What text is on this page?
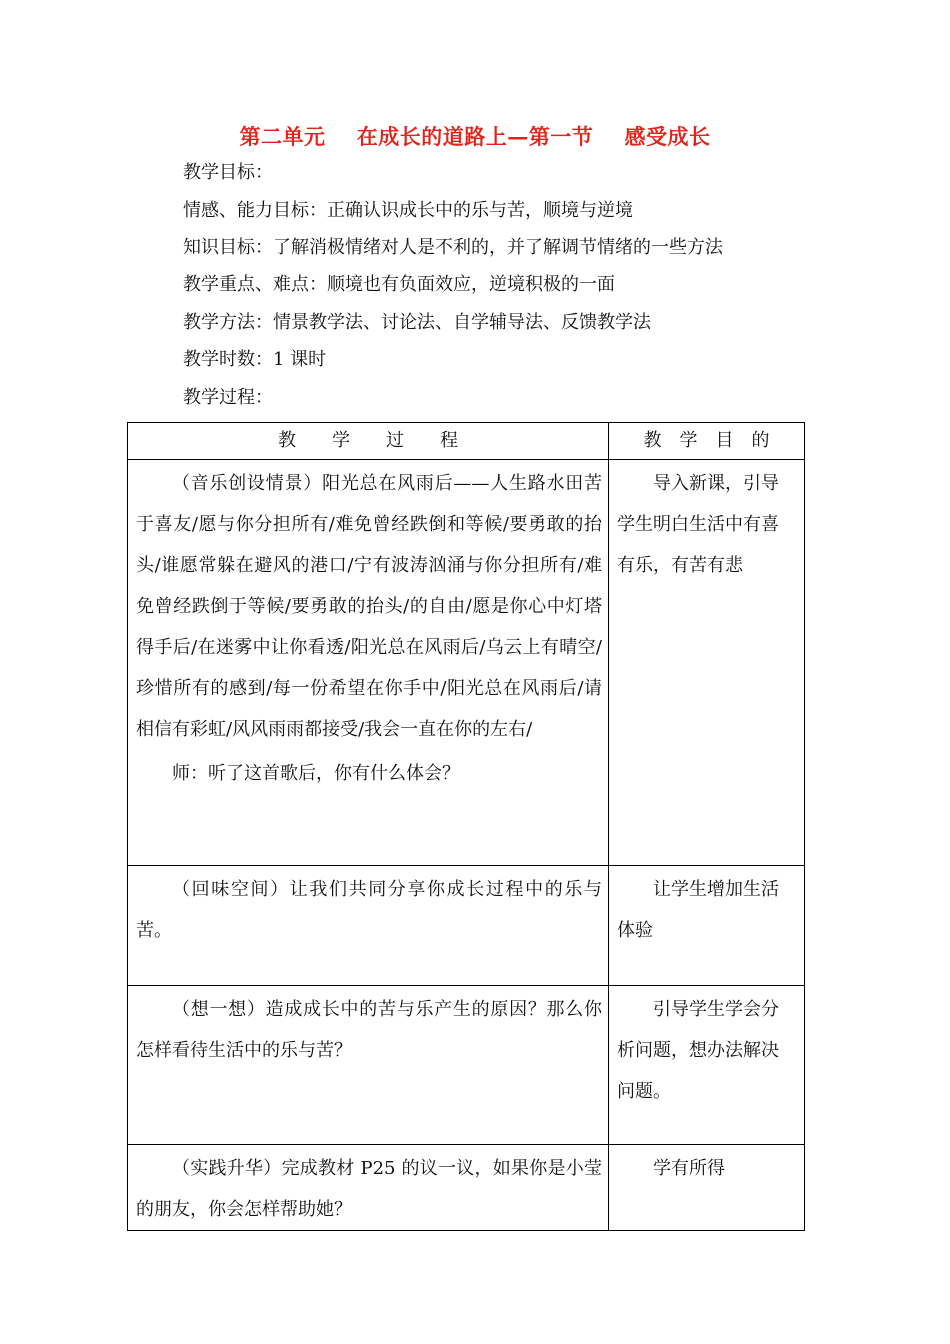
第二单元    在成长的道路上—第一节    感受成长
教学目标：
情感、能力目标：正确认识成长中的乐与苦，顺境与逆境
知识目标：了解消极情绪对人是不利的，并了解调节情绪的一些方法
教学重点、难点：顺境也有负面效应，逆境积极的一面
教学方法：情景教学法、讨论法、自学辅导法、反馈教学法
教学时数：1 课时
教学过程：
教　　学　　过　　程	教　学　目　的

（音乐创设情景）阳光总在风雨后——人生路水田苦于喜友/愿与你分担所有/难免曾经跌倒和等候/要勇敢的抬头/谁愿常躲在避风的港口/宁有波涛汹涌与你分担所有/难免曾经跌倒于等候/要勇敢的抬头/的自由/愿是你心中灯塔得手后/在迷雾中让你看透/阳光总在风雨后/乌云上有晴空/珍惜所有的感到/每一份希望在你手中/阳光总在风雨后/请相信有彩虹/风风雨雨都接受/我会一直在你的左右/
师：听了这首歌后，你有什么体会？	导入新课，引导学生明白生活中有喜有乐，有苦有悲

（回味空间）让我们共同分享你成长过程中的乐与苦。	让学生增加生活体验

（想一想）造成成长中的苦与乐产生的原因？那么你怎样看待生活中的乐与苦？	引导学生学会分析问题，想办法解决问题。

（实践升华）完成教材 P25 的议一议，如果你是小莹的朋友，你会怎样帮助她？	学有所得
